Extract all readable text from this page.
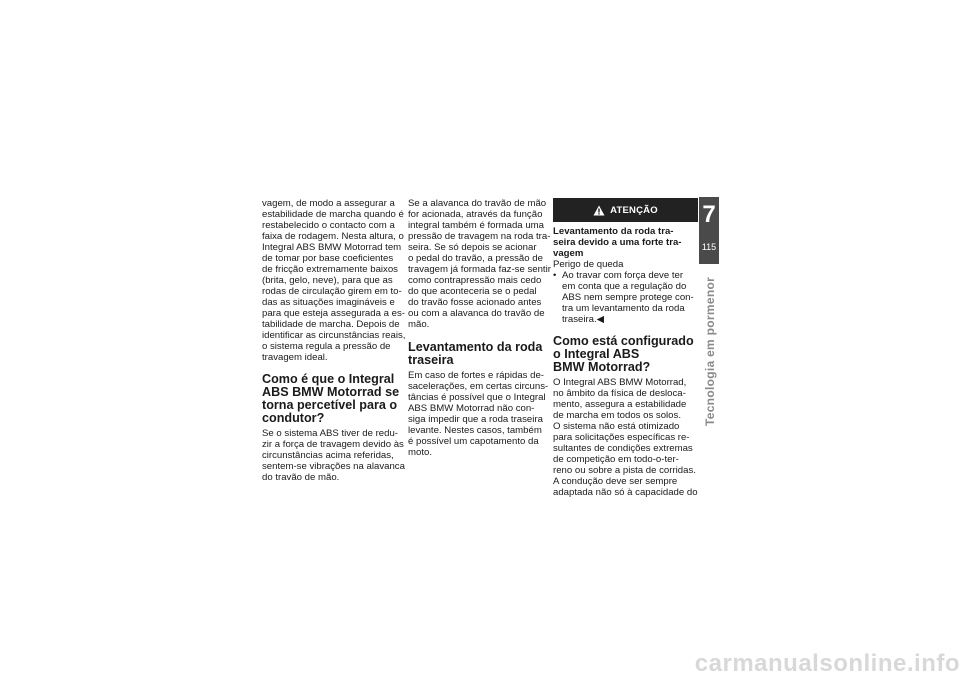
vagem, de modo a assegurar a
estabilidade de marcha quando é
restabelecido o contacto com a
faixa de rodagem. Nesta altura, o
Integral ABS BMW Motorrad tem
de tomar por base coeficientes
de fricção extremamente baixos
(brita, gelo, neve), para que as
rodas de circulação girem em to-
das as situações imagináveis e
para que esteja assegurada a es-
tabilidade de marcha. Depois de
identificar as circunstâncias reais,
o sistema regula a pressão de
travagem ideal.

Como é que o Integral
ABS BMW Motorrad se
torna percetível para o
condutor?

Se o sistema ABS tiver de redu-
zir a força de travagem devido às
circunstâncias acima referidas,
sentem-se vibrações na alavanca
do travão de mão.

Se a alavanca do travão de mão
for acionada, através da função
integral também é formada uma
pressão de travagem na roda tra-
seira. Se só depois se acionar
o pedal do travão, a pressão de
travagem já formada faz-se sentir
como contrapressão mais cedo
do que aconteceria se o pedal
do travão fosse acionado antes
ou com a alavanca do travão de
mão.

Levantamento da roda
traseira

Em caso de fortes e rápidas de-
sacelerações, em certas circuns-
tâncias é possível que o Integral
ABS BMW Motorrad não con-
siga impedir que a roda traseira
levante. Nestes casos, também
é possível um capotamento da
moto.

ATENÇÃO
Levantamento da roda tra-
seira devido a uma forte tra-
vagem

Perigo de queda

• Ao travar com força deve ter
em conta que a regulação do
ABS nem sempre protege con-
tra um levantamento da roda
traseira.◀
Como está configurado
o Integral ABS
BMW Motorrad?

O Integral ABS BMW Motorrad,
no âmbito da física de desloca-
mento, assegura a estabilidade
de marcha em todos os solos.
O sistema não está otimizado
para solicitações específicas re-
sultantes de condições extremas
de competição em todo-o-ter-
reno ou sobre a pista de corridas.
A condução deve ser sempre
adaptada não só à capacidade do

7
115
Tecnologia em pormenor
carmanualsonline.info
